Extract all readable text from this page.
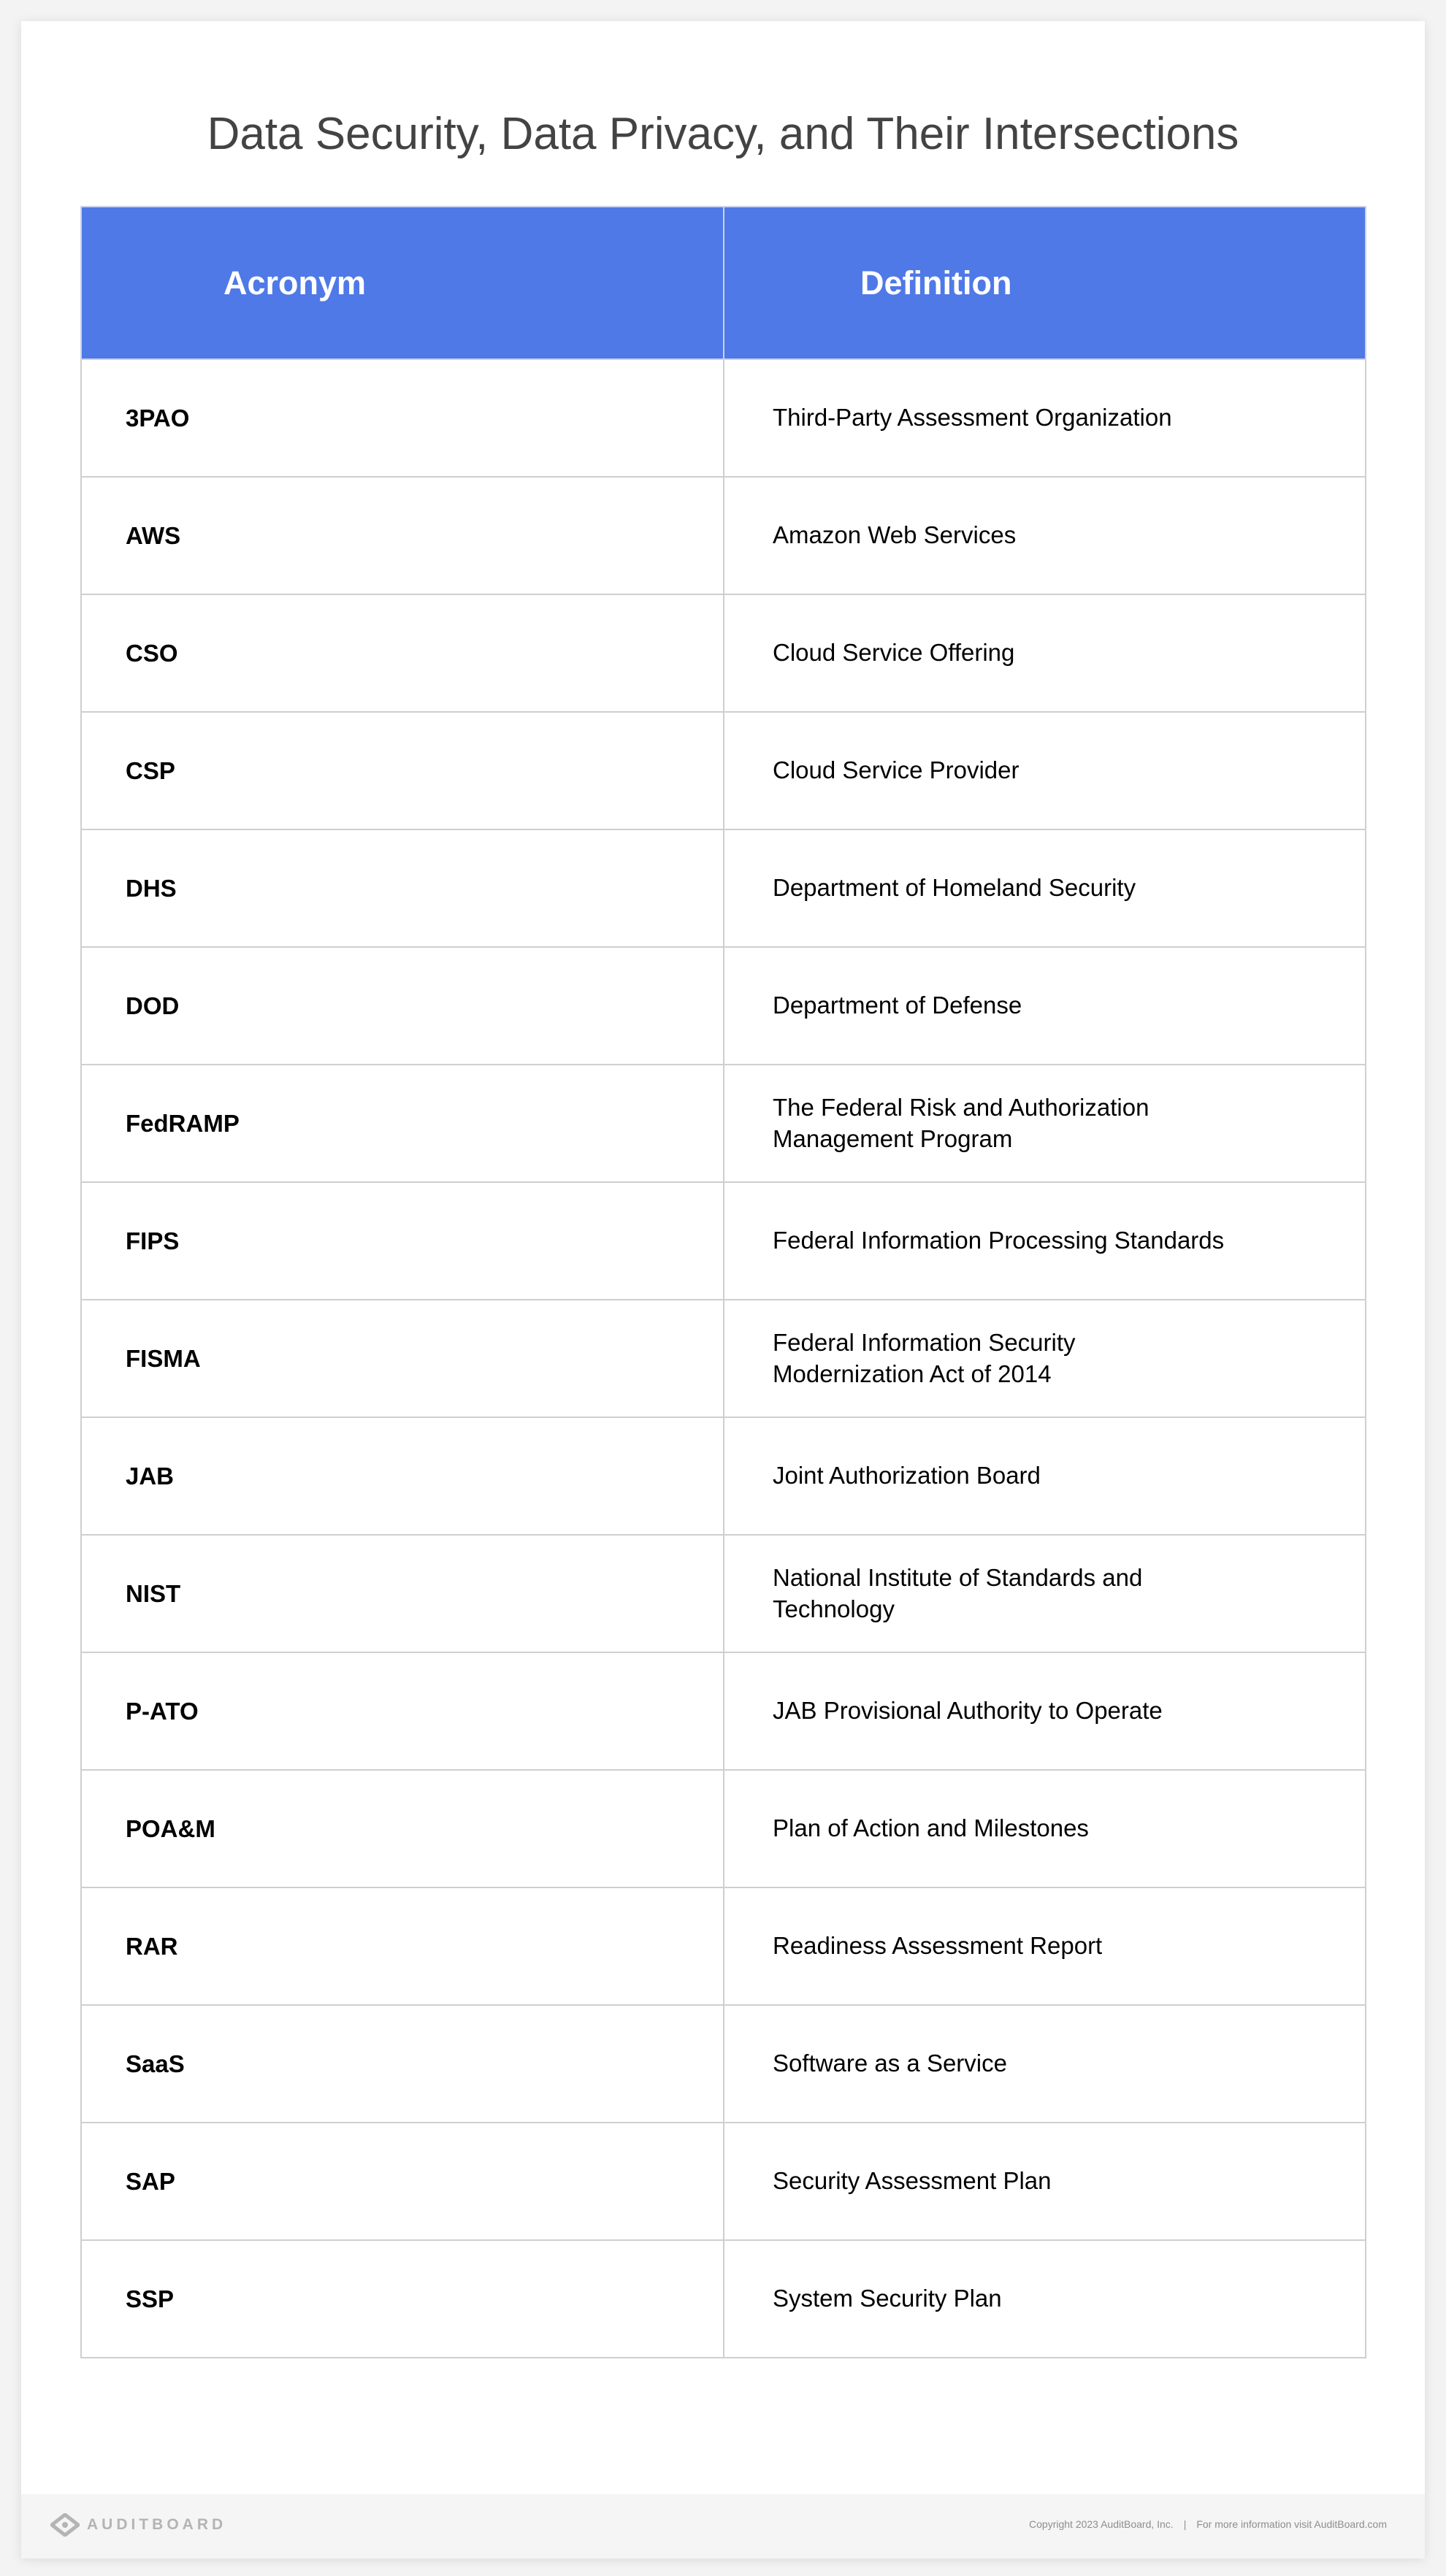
Data Security, Data Privacy, and Their Intersections
Acronym	Definition
3PAO	Third-Party Assessment Organization

AWS	Amazon Web Services

CSO	Cloud Service Offering

CSP	Cloud Service Provider

DHS	Department of Homeland Security

DOD	Department of Defense

FedRAMP	The Federal Risk and Authorization Management Program

FIPS	Federal Information Processing Standards

FISMA	Federal Information Security Modernization Act of 2014

JAB	Joint Authorization Board

NIST	National Institute of Standards and Technology

P-ATO	JAB Provisional Authority to Operate

POA&M	Plan of Action and Milestones

RAR	Readiness Assessment Report

SaaS	Software as a Service

SAP	Security Assessment Plan

SSP	System Security Plan
AUDITBOARD	Copyright 2023 AuditBoard, Inc. | For more information visit AuditBoard.com
